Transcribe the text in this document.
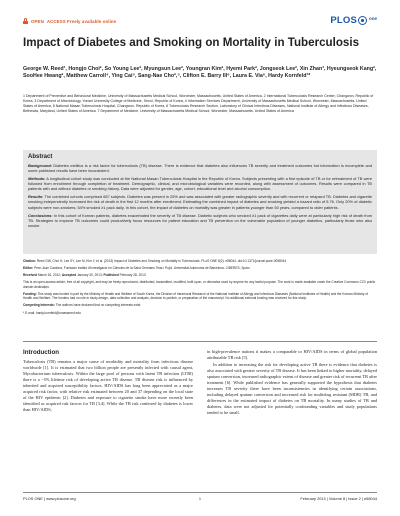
OPEN ACCESS Freely available online	PLOS	one
Impact of Diabetes and Smoking on Mortality in Tuberculosis

George W. Reed¹, Hongjo Choi², So Young Lee², Myungsun Lee², Youngran Kim², Hyemi Park², Jongseok Lee², Xin Zhan³, Hyeungseok Kang², SooHee Hwang², Matthew Carroll⁴, Ying Cai⁵, Sang-Nae Cho²,⁵, Clifton E. Barry III⁶, Laura E. Via⁶, Hardy Kornfeld¹*

1 Department of Preventive and Behavioral Medicine, University of Massachusetts Medical School, Worcester, Massachusetts, United States of America, 2 International Tuberculosis Research Center, Changwon, Republic of Korea, 3 Department of Microbiology, Yonsei University College of Medicine, Seoul, Republic of Korea, 4 Information Services Department, University of Massachusetts Medical School, Worcester, Massachusetts, United States of America, 5 National Masan Tuberculosis Hospital, Changwon, Republic of Korea, 6 Tuberculosis Research Section, Laboratory of Clinical Infectious Diseases, National Institute of Allergy and Infectious Diseases, Bethesda, Maryland, United States of America, 7 Department of Medicine, University of Massachusetts Medical School, Worcester, Massachusetts, United States of America

Abstract

Background: Diabetes mellitus is a risk factor for tuberculosis (TB) disease. There is evidence that diabetes also influences TB severity and treatment outcomes but information is incomplete and some published results have been inconsistent.

Methods: A longitudinal cohort study was conducted at the National Masan Tuberculosis Hospital in the Republic of Korea. Subjects presenting with a first episode of TB or for retreatment of TB were followed from enrollment through completion of treatment. Demographic, clinical, and microbiological variables were recorded, along with assessment of outcomes. Results were compared in TB patients with and without diabetes or smoking history. Data were adjusted for gender, age, cohort, educational level and alcohol consumption.

Results: The combined cohorts comprised 657 subjects. Diabetes was present in 25% and was associated with greater radiographic severity and with recurrent or relapsed TB. Diabetes and cigarette smoking independently increased the risk of death in the first 12 months after enrollment. Estimating the combined impact of diabetes and smoking yielded a hazard ratio of 5.76. Only 20% of diabetic subjects were non-smokers; 54% smoked ≥1 pack daily. In this cohort, the impact of diabetes on mortality was greater in patients younger than 50 years, compared to older patients.

Conclusions: In this cohort of Korean patients, diabetes exacerbated the severity of TB disease. Diabetic subjects who smoked ≥1 pack of cigarettes daily were at particularly high risk of death from TB. Strategies to improve TB outcomes could productively focus resources for patient education and TB prevention on the vulnerable population of younger diabetics, particularly those who also smoke.

Citation: Reed GW, Choi H, Lee SY, Lee M, Kim Y, et al. (2013) Impact of Diabetes and Smoking on Mortality in Tuberculosis. PLoS ONE 8(2): e58044. doi:10.1371/journal.pone.0058044

Editor: Pere-Joan Cardona, Fundació Institut d'Investigació en Ciències de la Salut Germans Trias i Pujol. Universitat Autònoma de Barcelona. CIBERES, Spain

Received March 16, 2012; Accepted January 30, 2013; Published February 28, 2013

This is an open-access article, free of all copyright, and may be freely reproduced, distributed, transmitted, modified, built upon, or otherwise used by anyone for any lawful purpose. The work is made available under the Creative Commons CC0 public domain dedication.

Funding: This study was funded in part by the Ministry of Health and Welfare of South Korea, the Division of Intramural Research of the National Institute of Allergy and Infectious Diseases (National Institutes of Health) and the Korean Ministry of Health and Welfare. The funders had no role in study design, data collection and analysis, decision to publish, or preparation of the manuscript. No additional external funding was received for this study.

Competing Interests: The authors have declared that no competing interests exist.

* E-mail: hardy.kornfeld@umassmed.edu

Introduction

Tuberculosis (TB) remains a major cause of morbidity and mortality from infectious disease worldwide [1]. It is estimated that two billion people are presently infected with causal agent, Mycobacterium tuberculosis. Within the large pool of persons with latent TB infection (LTBI) there is a ~5% lifetime risk of developing active TB disease. TB disease risk is influenced by inherited and acquired susceptibility factors. HIV/AIDS has long been appreciated as a major acquired risk factor, with relative risk estimated between 20 and 37 depending on the local state of the HIV epidemic [2]. Diabetes and exposure to cigarette smoke have more recently been identified as acquired risk factors for TB [3,4]. While the TB risk conferred by diabetes is lower than HIV/AIDS,

in high-prevalence nations it makes a comparable to HIV/AIDS in terms of global population attributable TB risk [5].

In addition to increasing the risk for developing active TB there is evidence that diabetes is also associated with greater severity of TB disease. It has been linked to higher mortality, delayed sputum conversion, increased radiographic extent of disease and greater risk of recurrent TB after treatment [6]. While published evidence has generally supported the hypothesis that diabetes increases TB severity there have been inconsistencies in identifying certain associations, including delayed sputum conversion and increased risk for multidrug resistant (MDR) TB, and differences in the estimated impact of diabetes on TB mortality. In many studies of TB and diabetes, data were not adjusted for potentially confounding variables and study populations tended to be small.

PLOS ONE | www.plosone.org	1	February 2013 | Volume 8 | Issue 2 | e58044
